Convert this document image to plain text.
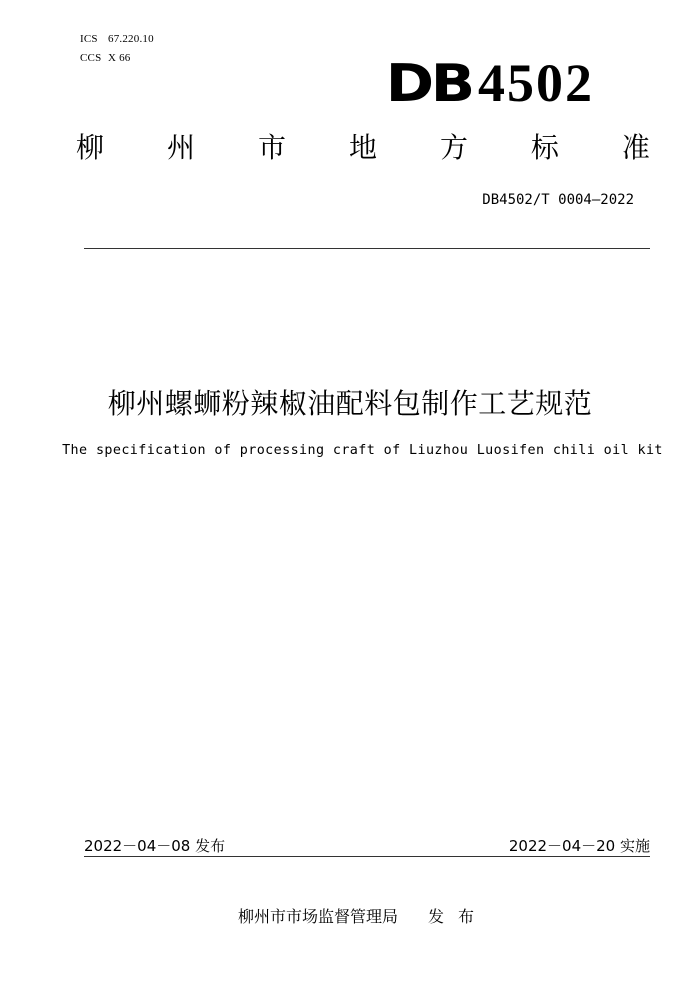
ICS 67.220.10
CCS X 66	DB 4502
柳 州 市 地 方 标 准
DB4502/T 0004—2022
柳州螺蛳粉辣椒油配料包制作工艺规范
The specification of processing craft of Liuzhou Luosifen chili oil kit
2022－04－08 发布	2022－04－20 实施
柳州市市场监督管理局 发布
